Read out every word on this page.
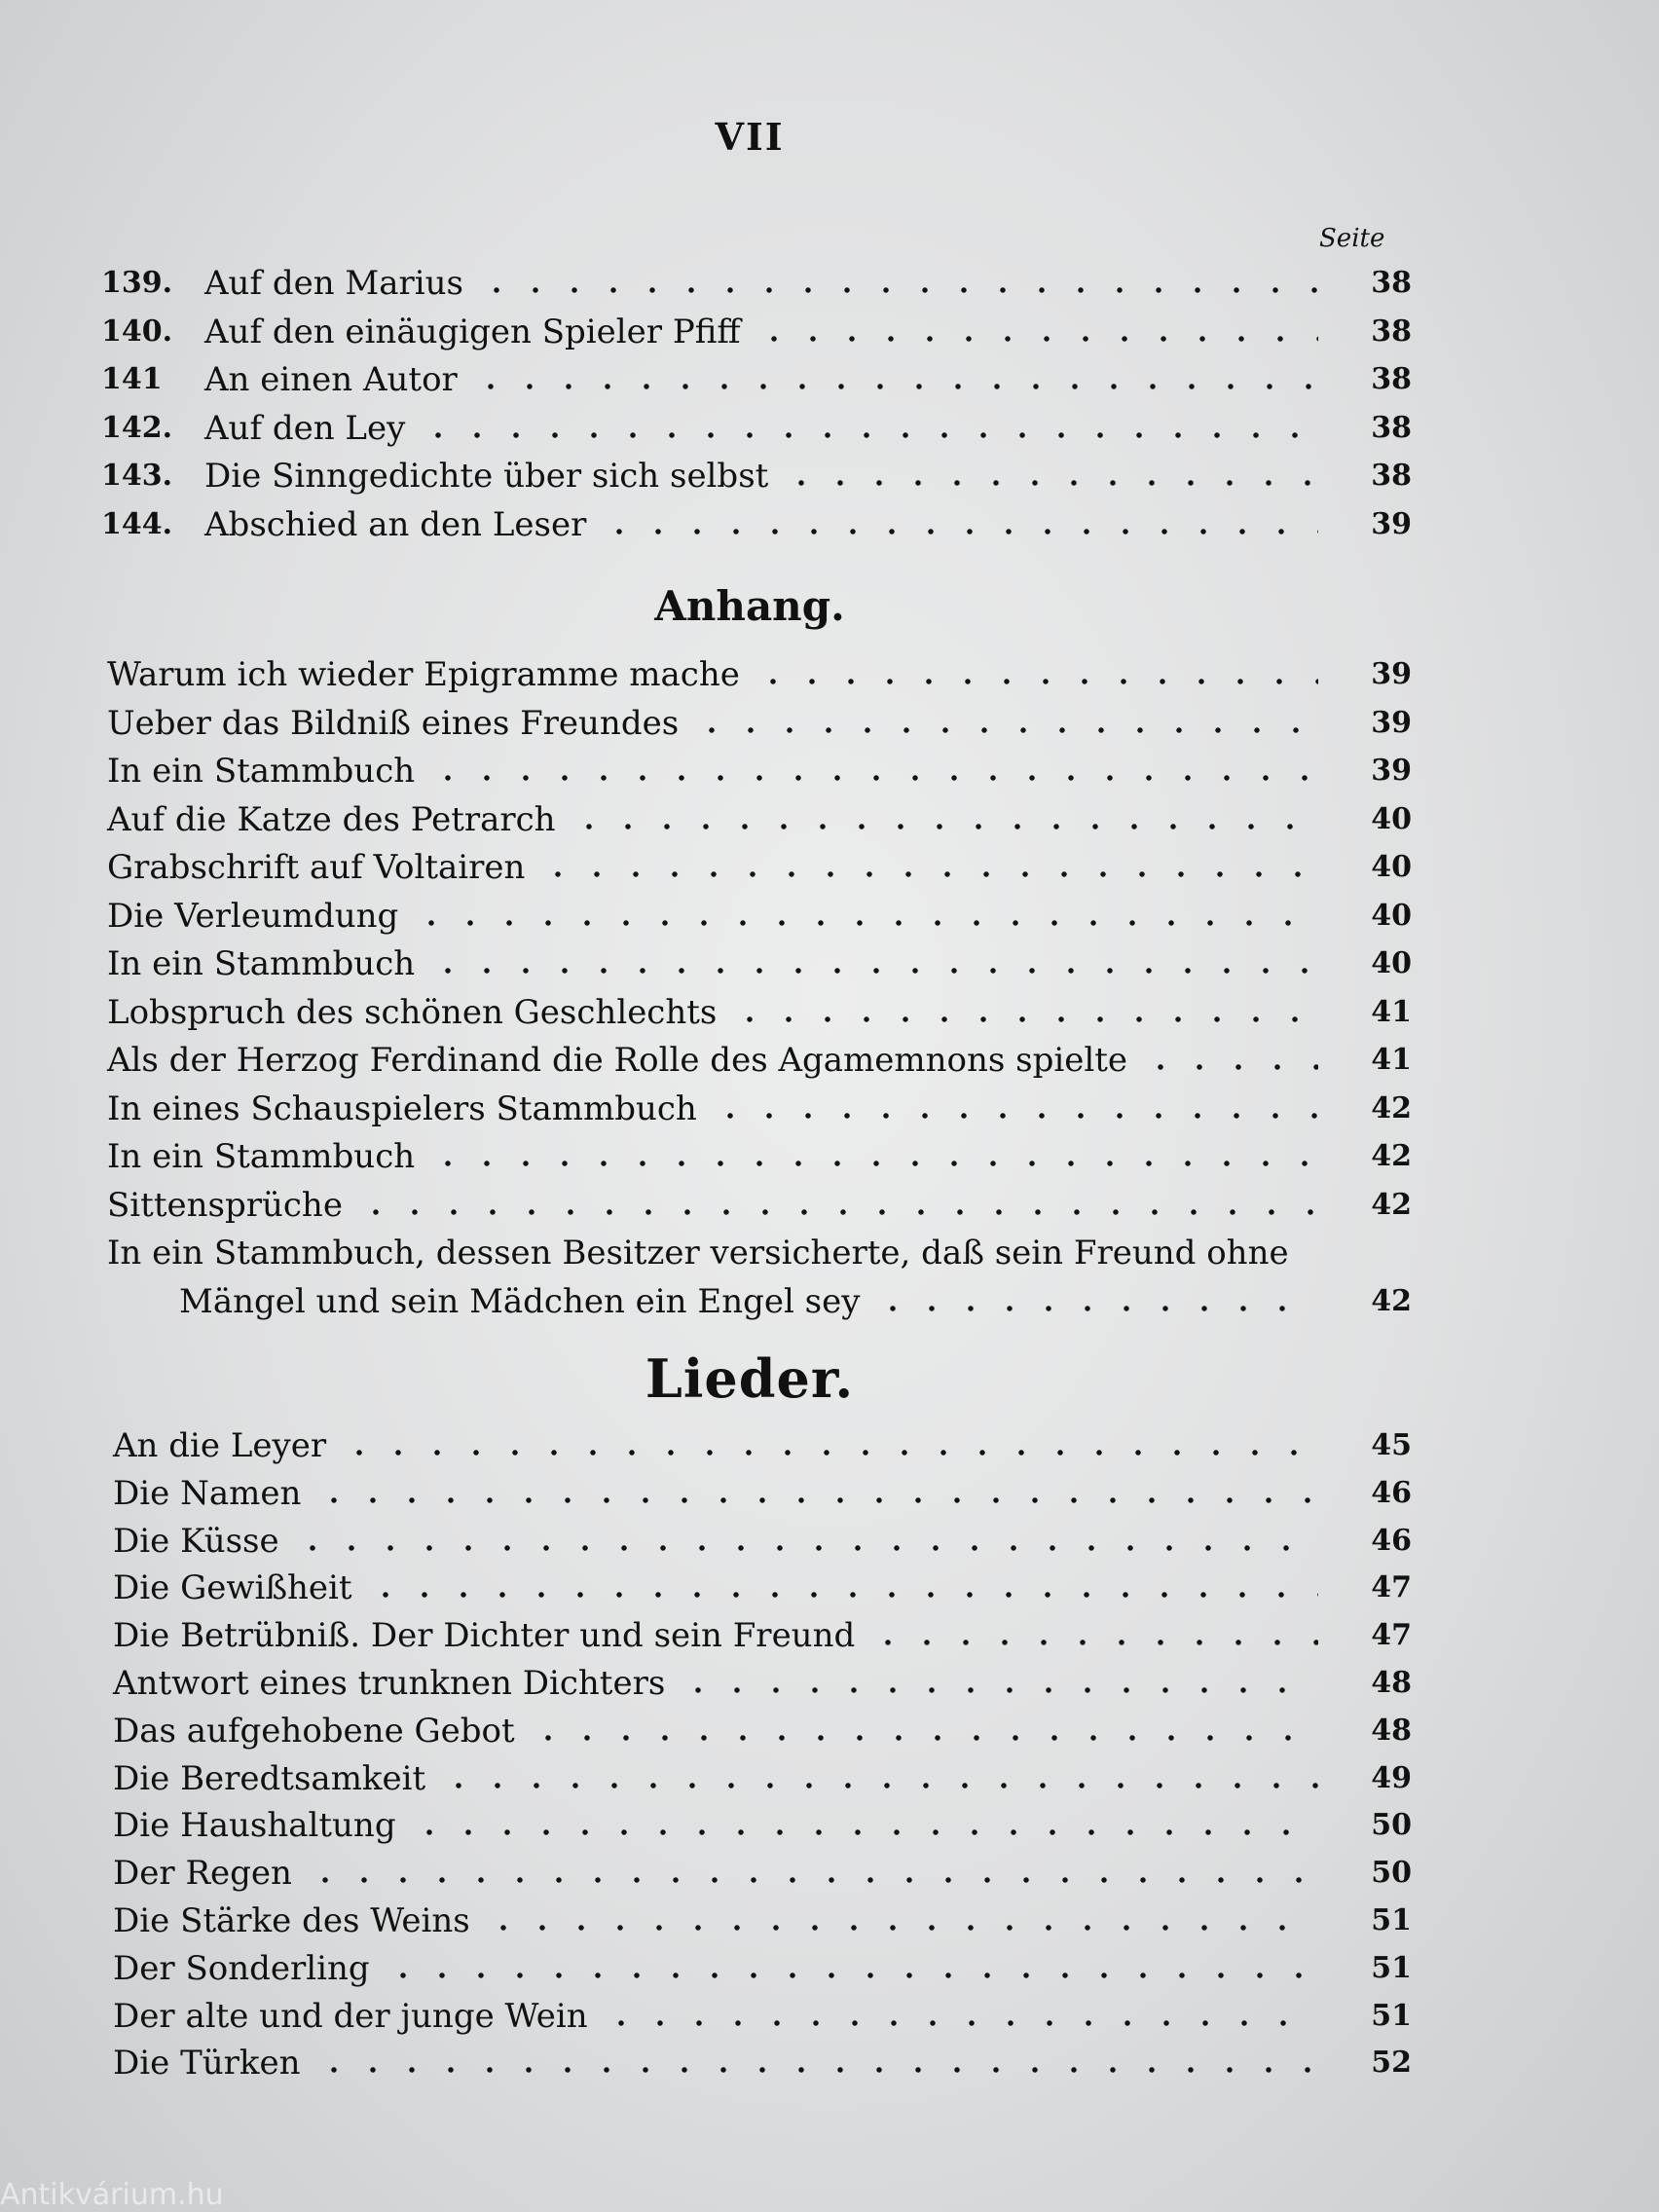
VII
Seite
139. Auf den Marius	38
140. Auf den einäugigen Spieler Pfiff	38
141 An einen Autor	38
142. Auf den Ley	38
143. Die Sinngedichte über sich selbst	38
144. Abschied an den Leser	39
Anhang.
Warum ich wieder Epigramme mache	39
Ueber das Bildniß eines Freundes	39
In ein Stammbuch	39
Auf die Katze des Petrarch	40
Grabschrift auf Voltairen	40
Die Verleumdung	40
In ein Stammbuch	40
Lobspruch des schönen Geschlechts	41
Als der Herzog Ferdinand die Rolle des Agamemnons spielte	41
In eines Schauspielers Stammbuch	42
In ein Stammbuch	42
Sittensprüche	42
In ein Stammbuch, dessen Besitzer versicherte, daß sein Freund ohne
Mängel und sein Mädchen ein Engel sey	42
Lieder.
An die Leyer	45
Die Namen	46
Die Küsse	46
Die Gewißheit	47
Die Betrübniß. Der Dichter und sein Freund	47
Antwort eines trunknen Dichters	48
Das aufgehobene Gebot	48
Die Beredtsamkeit	49
Die Haushaltung	50
Der Regen	50
Die Stärke des Weins	51
Der Sonderling	51
Der alte und der junge Wein	51
Die Türken	52
Antikvárium.hu
